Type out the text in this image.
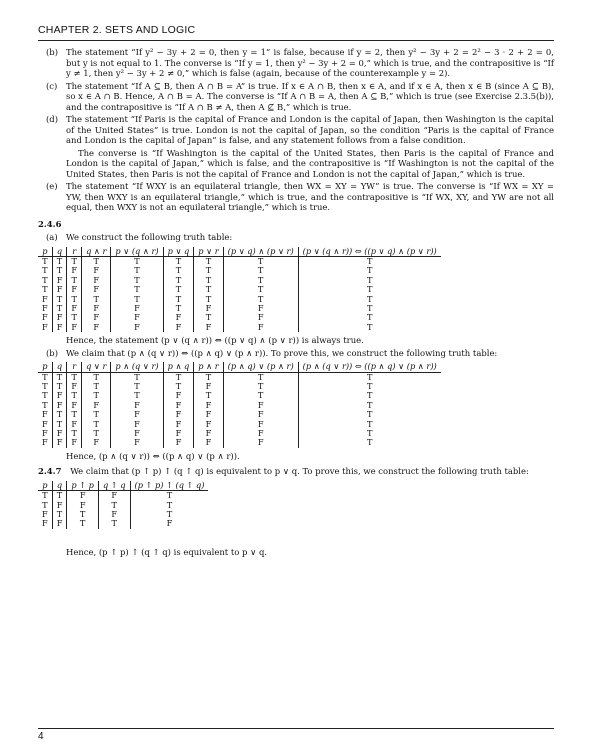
CHAPTER 2. SETS AND LOGIC
(b) The statement “If y² − 3y + 2 = 0, then y = 1” is false, because if y = 2, then y² − 3y + 2 = 2² − 3 · 2 + 2 = 0, but y is not equal to 1. The converse is “If y = 1, then y² − 3y + 2 = 0,” which is true, and the contrapositive is “If y ≠ 1, then y² − 3y + 2 ≠ 0,” which is false (again, because of the counterexample y = 2).
(c) The statement “If A ⊆ B, then A ∩ B = A” is true. If x ∈ A ∩ B, then x ∈ A, and if x ∈ A, then x ∈ B (since A ⊆ B), so x ∈ A ∩ B. Hence, A ∩ B = A. The converse is “If A ∩ B = A, then A ⊆ B,” which is true (see Exercise 2.3.5(b)), and the contrapositive is “If A ∩ B ≠ A, then A ⊈ B,” which is true.
(d) The statement “If Paris is the capital of France and London is the capital of Japan, then Washington is the capital of the United States” is true. London is not the capital of Japan, so the condition “Paris is the capital of France and London is the capital of Japan” is false, and any statement follows from a false condition.
The converse is “If Washington is the capital of the United States, then Paris is the capital of France and London is the capital of Japan,” which is false, and the contrapositive is “If Washington is not the capital of the United States, then Paris is not the capital of France and London is not the capital of Japan,” which is true.
(e) The statement “If WXY is an equilateral triangle, then WX = XY = YW” is true. The converse is “If WX = XY = YW, then WXY is an equilateral triangle,” which is true, and the contrapositive is “If WX, XY, and YW are not all equal, then WXY is not an equilateral triangle,” which is true.
2.4.6
(a) We construct the following truth table:
p	q	r	q ∧ r	p ∨ (q ∧ r)	p ∨ q	p ∨ r	(p ∨ q) ∧ (p ∨ r)	(p ∨ (q ∧ r)) ⇔ ((p ∨ q) ∧ (p ∨ r))
T	T	T	T	T	T	T	T	T
T	T	F	F	T	T	T	T	T
T	F	T	F	T	T	T	T	T
T	F	F	F	T	T	T	T	T
F	T	T	T	T	T	T	T	T
F	T	F	F	F	T	F	F	T
F	F	T	F	F	F	T	F	T
F	F	F	F	F	F	F	F	T
Hence, the statement (p ∨ (q ∧ r)) ⇔ ((p ∨ q) ∧ (p ∨ r)) is always true.
(b) We claim that (p ∧ (q ∨ r)) ⇔ ((p ∧ q) ∨ (p ∧ r)). To prove this, we construct the following truth table:
p	q	r	q ∨ r	p ∧ (q ∨ r)	p ∧ q	p ∧ r	(p ∧ q) ∨ (p ∧ r)	(p ∧ (q ∨ r)) ⇔ ((p ∧ q) ∨ (p ∧ r))
T	T	T	T	T	T	T	T	T
T	T	F	T	T	T	F	T	T
T	F	T	T	T	F	T	T	T
T	F	F	F	F	F	F	F	T
F	T	T	T	F	F	F	F	T
F	T	F	T	F	F	F	F	T
F	F	T	T	F	F	F	F	T
F	F	F	F	F	F	F	F	T
Hence, (p ∧ (q ∨ r)) ⇔ ((p ∧ q) ∨ (p ∧ r)).
2.4.7 We claim that (p ↑ p) ↑ (q ↑ q) is equivalent to p ∨ q. To prove this, we construct the following truth table:
p	q	p ↑ p	q ↑ q	(p ↑ p) ↑ (q ↑ q)
T	T	F	F	T
T	F	F	T	T
F	T	T	F	T
F	F	T	T	F
Hence, (p ↑ p) ↑ (q ↑ q) is equivalent to p ∨ q.
4
